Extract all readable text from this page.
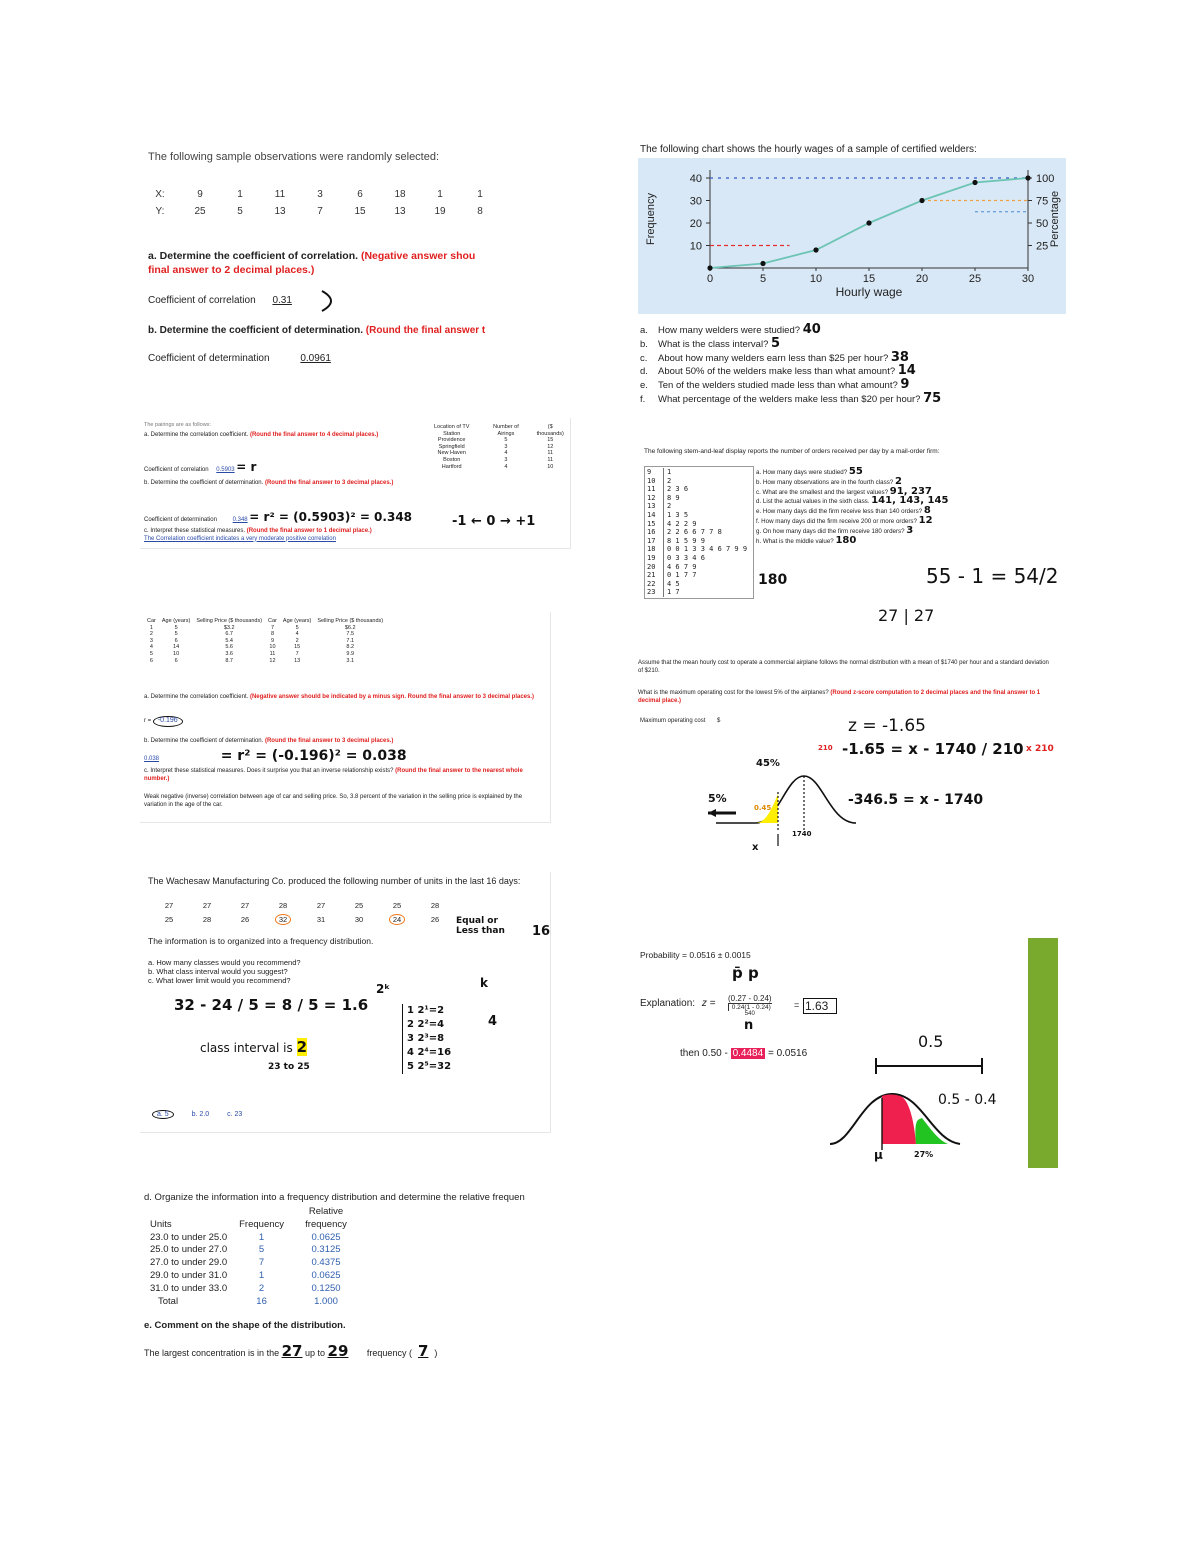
The following sample observations were randomly selected:
X:	9	1	11	3	6	18	1	1
Y:	25	5	13	7	15	13	19	8
a. Determine the coefficient of correlation. (Negative answer shou
final answer to 2 decimal places.)
Coefficient of correlation 0.31
b. Determine the coefficient of determination. (Round the final answer t
Coefficient of determination	0.0961
The pairings are as follows:
a. Determine the correlation coefficient. (Round the final answer to 4 decimal places.)
Coefficient of correlation 0.5903 = r
b. Determine the coefficient of determination. (Round the final answer to 3 decimal places.)
Coefficient of determination	0.348 = r² = (0.5903)² = 0.348
c. Interpret these statistical measures. (Round the final answer to 1 decimal place.)
The Correlation coefficient indicates a very moderate positive correlation
-1 ← 0 → +1
Location of TV Station	Number of Airings	($ thousands)
Providence	5	15
Springfield	3	12
New Haven	4	11
Boston	3	11
Hartford	4	10
Car	Age (years)	Selling Price ($ thousands)	Car	Age (years)	Selling Price ($ thousands)
1	5	$3.2	7	5	$6.2
2	5	6.7	8	4	7.5
3	6	5.4	9	2	7.1
4	14	5.6	10	15	8.2
5	10	3.6	11	7	9.9
6	6	8.7	12	13	3.1
a. Determine the correlation coefficient. (Negative answer should be indicated by a minus sign. Round the final answer to 3 decimal places.)
r = -0.196
b. Determine the coefficient of determination. (Round the final answer to 3 decimal places.)
0.038	= r² = (-0.196)² = 0.038
c. Interpret these statistical measures. Does it surprise you that an inverse relationship exists? (Round the final answer to the nearest whole number.)
Weak negative (inverse) correlation between age of car and selling price. So, 3.8 percent of the variation in the selling price is explained by the variation in the age of the car.
The Wachesaw Manufacturing Co. produced the following number of units in the last 16 days:
27	27	27	28	27	25	25	28
25	28	26	32	31	30	24	26
The information is to organized into a frequency distribution.
a. How many classes would you recommend?
b. What class interval would you suggest?
c. What lower limit would you recommend?
32 - 24 / 5 = 8 / 5 = 1.6
class interval is 2
23 to 25
Equal or Less than 16
2ᵏ	k
4
1 2¹=2
2 2²=4
3 2³=8
4 2⁴=16
5 2⁵=32
a. 5	b. 2.0	c. 23
d. Organize the information into a frequency distribution and determine the relative frequen
Units	Frequency	Relative frequency
23.0 to under 25.0	1	0.0625
25.0 to under 27.0	5	0.3125
27.0 to under 29.0	7	0.4375
29.0 to under 31.0	1	0.0625
31.0 to under 33.0	2	0.1250
Total	16	1.000
e. Comment on the shape of the distribution.
The largest concentration is in the 27 up to 29 frequency ( 7 )
The following chart shows the hourly wages of a sample of certified welders:
0	5	10	15	20	25	30
10
20
30
40
25
50
75
100
Hourly wage
Frequency	Percentage
a. How many welders were studied? 40
b. What is the class interval? 5
c. About how many welders earn less than $25 per hour? 38
d. About 50% of the welders make less than what amount? 14
e. Ten of the welders studied made less than what amount? 9
f. What percentage of the welders make less than $20 per hour? 75
The following stem-and-leaf display reports the number of orders received per day by a mail-order firm:
9 1
10 2
11 2 3 6
12 8 9
13 2
14 1 3 5
15 4 2 2 9
16 2 2 6 6 7 7 8
17 8 1 5 9 9
18 0 0 1 3 3 4 6 7 9 9
19 0 3 3 4 6
20 4 6 7 9
21 0 1 7 7
22 4 5
23 1 7
a. How many days were studied? 55
b. How many observations are in the fourth class? 2
c. What are the smallest and the largest values? 91, 237
d. List the actual values in the sixth class. 141, 143, 145
e. How many days did the firm receive less than 140 orders? 8
f. How many days did the firm receive 200 or more orders? 12
g. On how many days did the firm receive 180 orders? 3
h. What is the middle value? 180
180	55 - 1 = 54/2
27 | 27
Assume that the mean hourly cost to operate a commercial airplane follows the normal distribution with a mean of $1740 per hour and a standard deviation of $210.
What is the maximum operating cost for the lowest 5% of the airplanes? (Round z-score computation to 2 decimal places and the final answer to 1 decimal place.)
Maximum operating cost $	z = -1.65
-1.65 = x - 1740 / 210
210	x 210
-346.5 = x - 1740
45%
5%
0.45
1740
x
Probability = 0.0516 ± 0.0015
p̄ p
Explanation: z = (0.27 - 0.24)
0.24(1 - 0.24)
540
= 1.63
n
then 0.50 - 0.4484 = 0.0516
0.5
0.5 - 0.4
μ	27%
